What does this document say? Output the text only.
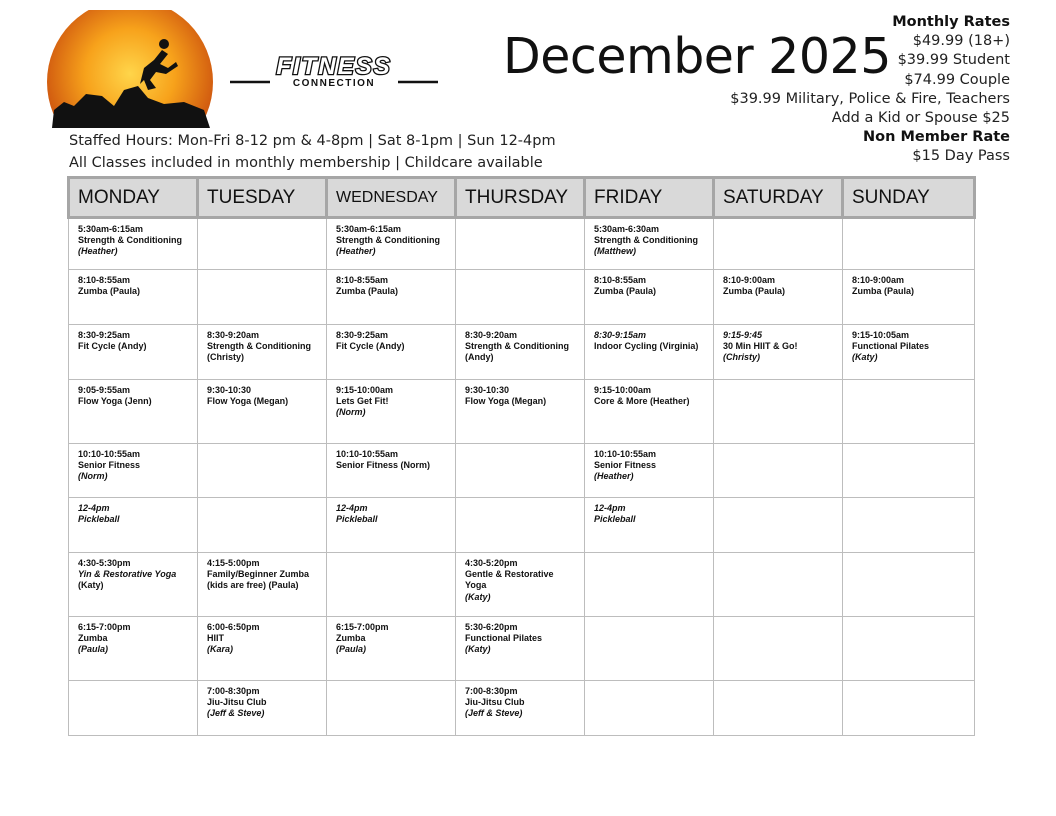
FITNESS
CONNECTION	December 2025
Monthly Rates
$49.99 (18+)
$39.99 Student
$74.99 Couple
$39.99 Military, Police & Fire, Teachers
Add a Kid or Spouse $25
Non Member Rate
$15 Day Pass
Staffed Hours: Mon-Fri 8-12 pm & 4-8pm | Sat 8-1pm | Sun 12-4pm
All Classes included in monthly membership | Childcare available
MONDAY	TUESDAY	WEDNESDAY	THURSDAY	FRIDAY	SATURDAY	SUNDAY

5:30am-6:15am
Strength & Conditioning
(Heather)		5:30am-6:15am
Strength & Conditioning
(Heather)		5:30am-6:30am
Strength & Conditioning
(Matthew)		

8:10-8:55am
Zumba (Paula)		8:10-8:55am
Zumba (Paula)		8:10-8:55am
Zumba (Paula)	8:10-9:00am
Zumba (Paula)	8:10-9:00am
Zumba (Paula)

8:30-9:25am
Fit Cycle (Andy)	8:30-9:20am
Strength & Conditioning
(Christy)	8:30-9:25am
Fit Cycle (Andy)	8:30-9:20am
Strength & Conditioning
(Andy)	8:30-9:15am
Indoor Cycling (Virginia)	9:15-9:45
30 Min HIIT & Go!
(Christy)	9:15-10:05am
Functional Pilates
(Katy)

9:05-9:55am
Flow Yoga (Jenn)	9:30-10:30
Flow Yoga (Megan)	9:15-10:00am
Lets Get Fit!
(Norm)	9:30-10:30
Flow Yoga (Megan)	9:15-10:00am
Core & More (Heather)		

10:10-10:55am
Senior Fitness
(Norm)		10:10-10:55am
Senior Fitness (Norm)		10:10-10:55am
Senior Fitness
(Heather)		

12-4pm
Pickleball		12-4pm
Pickleball		12-4pm
Pickleball		

4:30-5:30pm
Yin & Restorative Yoga
(Katy)	4:15-5:00pm
Family/Beginner Zumba
(kids are free) (Paula)		4:30-5:20pm
Gentle & Restorative
Yoga
(Katy)			

6:15-7:00pm
Zumba
(Paula)	6:00-6:50pm
HIIT
(Kara)	6:15-7:00pm
Zumba
(Paula)	5:30-6:20pm
Functional Pilates
(Katy)			

	7:00-8:30pm
Jiu-Jitsu Club
(Jeff & Steve)		7:00-8:30pm
Jiu-Jitsu Club
(Jeff & Steve)			
